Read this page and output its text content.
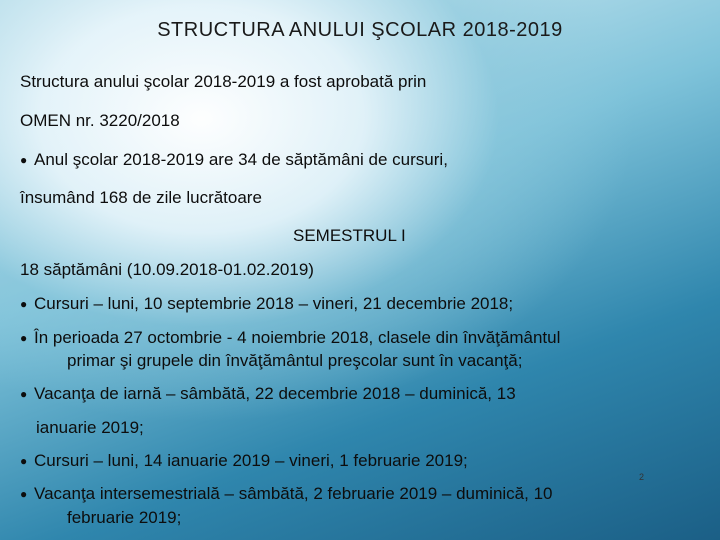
STRUCTURA ANULUI ŞCOLAR 2018-2019
Structura anului şcolar 2018-2019 a fost aprobată prin
OMEN nr. 3220/2018
● Anul şcolar 2018-2019 are 34 de săptămâni de cursuri,
însumând 168 de zile lucrătoare
SEMESTRUL I
18 săptămâni (10.09.2018-01.02.2019)
● Cursuri – luni, 10 septembrie 2018 – vineri, 21 decembrie 2018;
● În perioada 27 octombrie - 4 noiembrie 2018, clasele din învăţământul
primar şi grupele din învăţământul preşcolar sunt în vacanţă;
● Vacanţa de iarnă – sâmbătă, 22 decembrie 2018 – duminică, 13
ianuarie 2019;
● Cursuri – luni, 14 ianuarie 2019 – vineri, 1 februarie 2019;
● Vacanţa intersemestrială – sâmbătă, 2 februarie 2019 – duminică, 10
februarie 2019;
2
